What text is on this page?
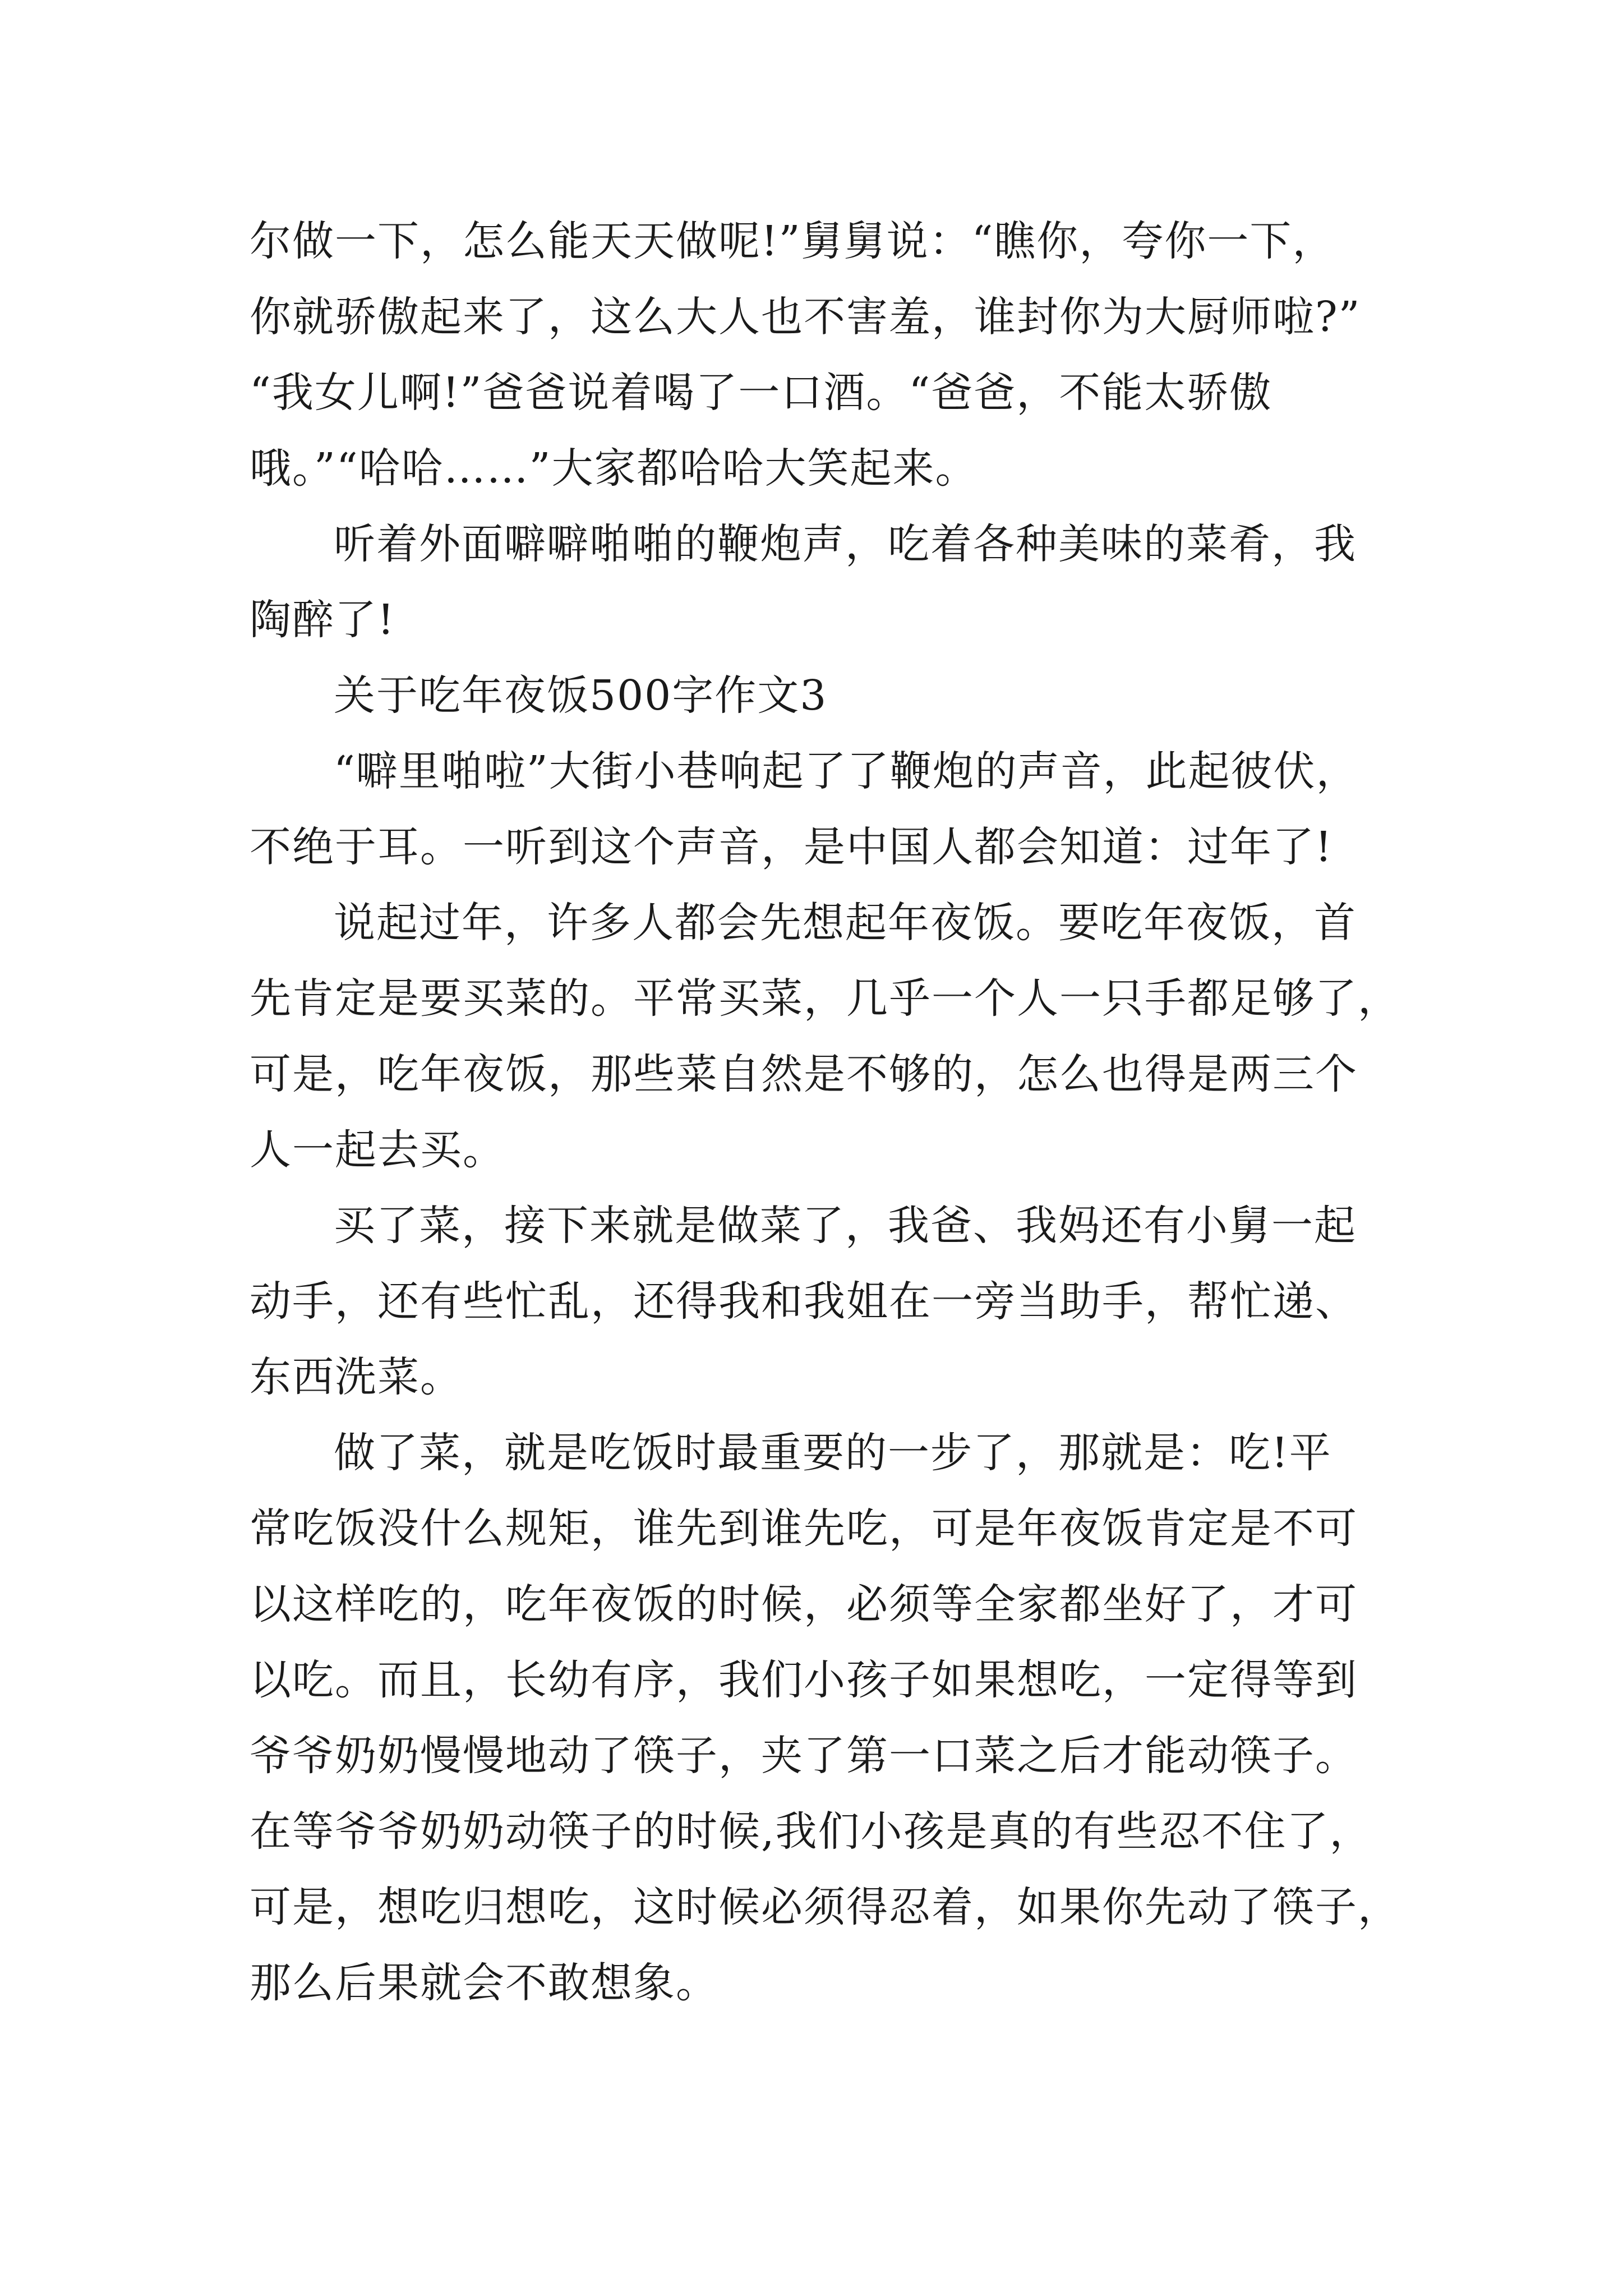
尔做一下，怎么能天天做呢!”舅舅说：“瞧你，夸你一下，
你就骄傲起来了，这么大人也不害羞，谁封你为大厨师啦?”
“我女儿啊!”爸爸说着喝了一口酒。“爸爸，不能太骄傲
哦。”“哈哈……”大家都哈哈大笑起来。
听着外面噼噼啪啪的鞭炮声，吃着各种美味的菜肴，我
陶醉了!
关于吃年夜饭500字作文3
“噼里啪啦”大街小巷响起了了鞭炮的声音，此起彼伏，
不绝于耳。一听到这个声音，是中国人都会知道：过年了!
说起过年，许多人都会先想起年夜饭。要吃年夜饭，首
先肯定是要买菜的。平常买菜，几乎一个人一只手都足够了，
可是，吃年夜饭，那些菜自然是不够的，怎么也得是两三个
人一起去买。
买了菜，接下来就是做菜了，我爸、我妈还有小舅一起
动手，还有些忙乱，还得我和我姐在一旁当助手，帮忙递、
东西洗菜。
做了菜，就是吃饭时最重要的一步了，那就是：吃!平
常吃饭没什么规矩，谁先到谁先吃，可是年夜饭肯定是不可
以这样吃的，吃年夜饭的时候，必须等全家都坐好了，才可
以吃。而且，长幼有序，我们小孩子如果想吃，一定得等到
爷爷奶奶慢慢地动了筷子，夹了第一口菜之后才能动筷子。
在等爷爷奶奶动筷子的时候,我们小孩是真的有些忍不住了，
可是，想吃归想吃，这时候必须得忍着，如果你先动了筷子，
那么后果就会不敢想象。
